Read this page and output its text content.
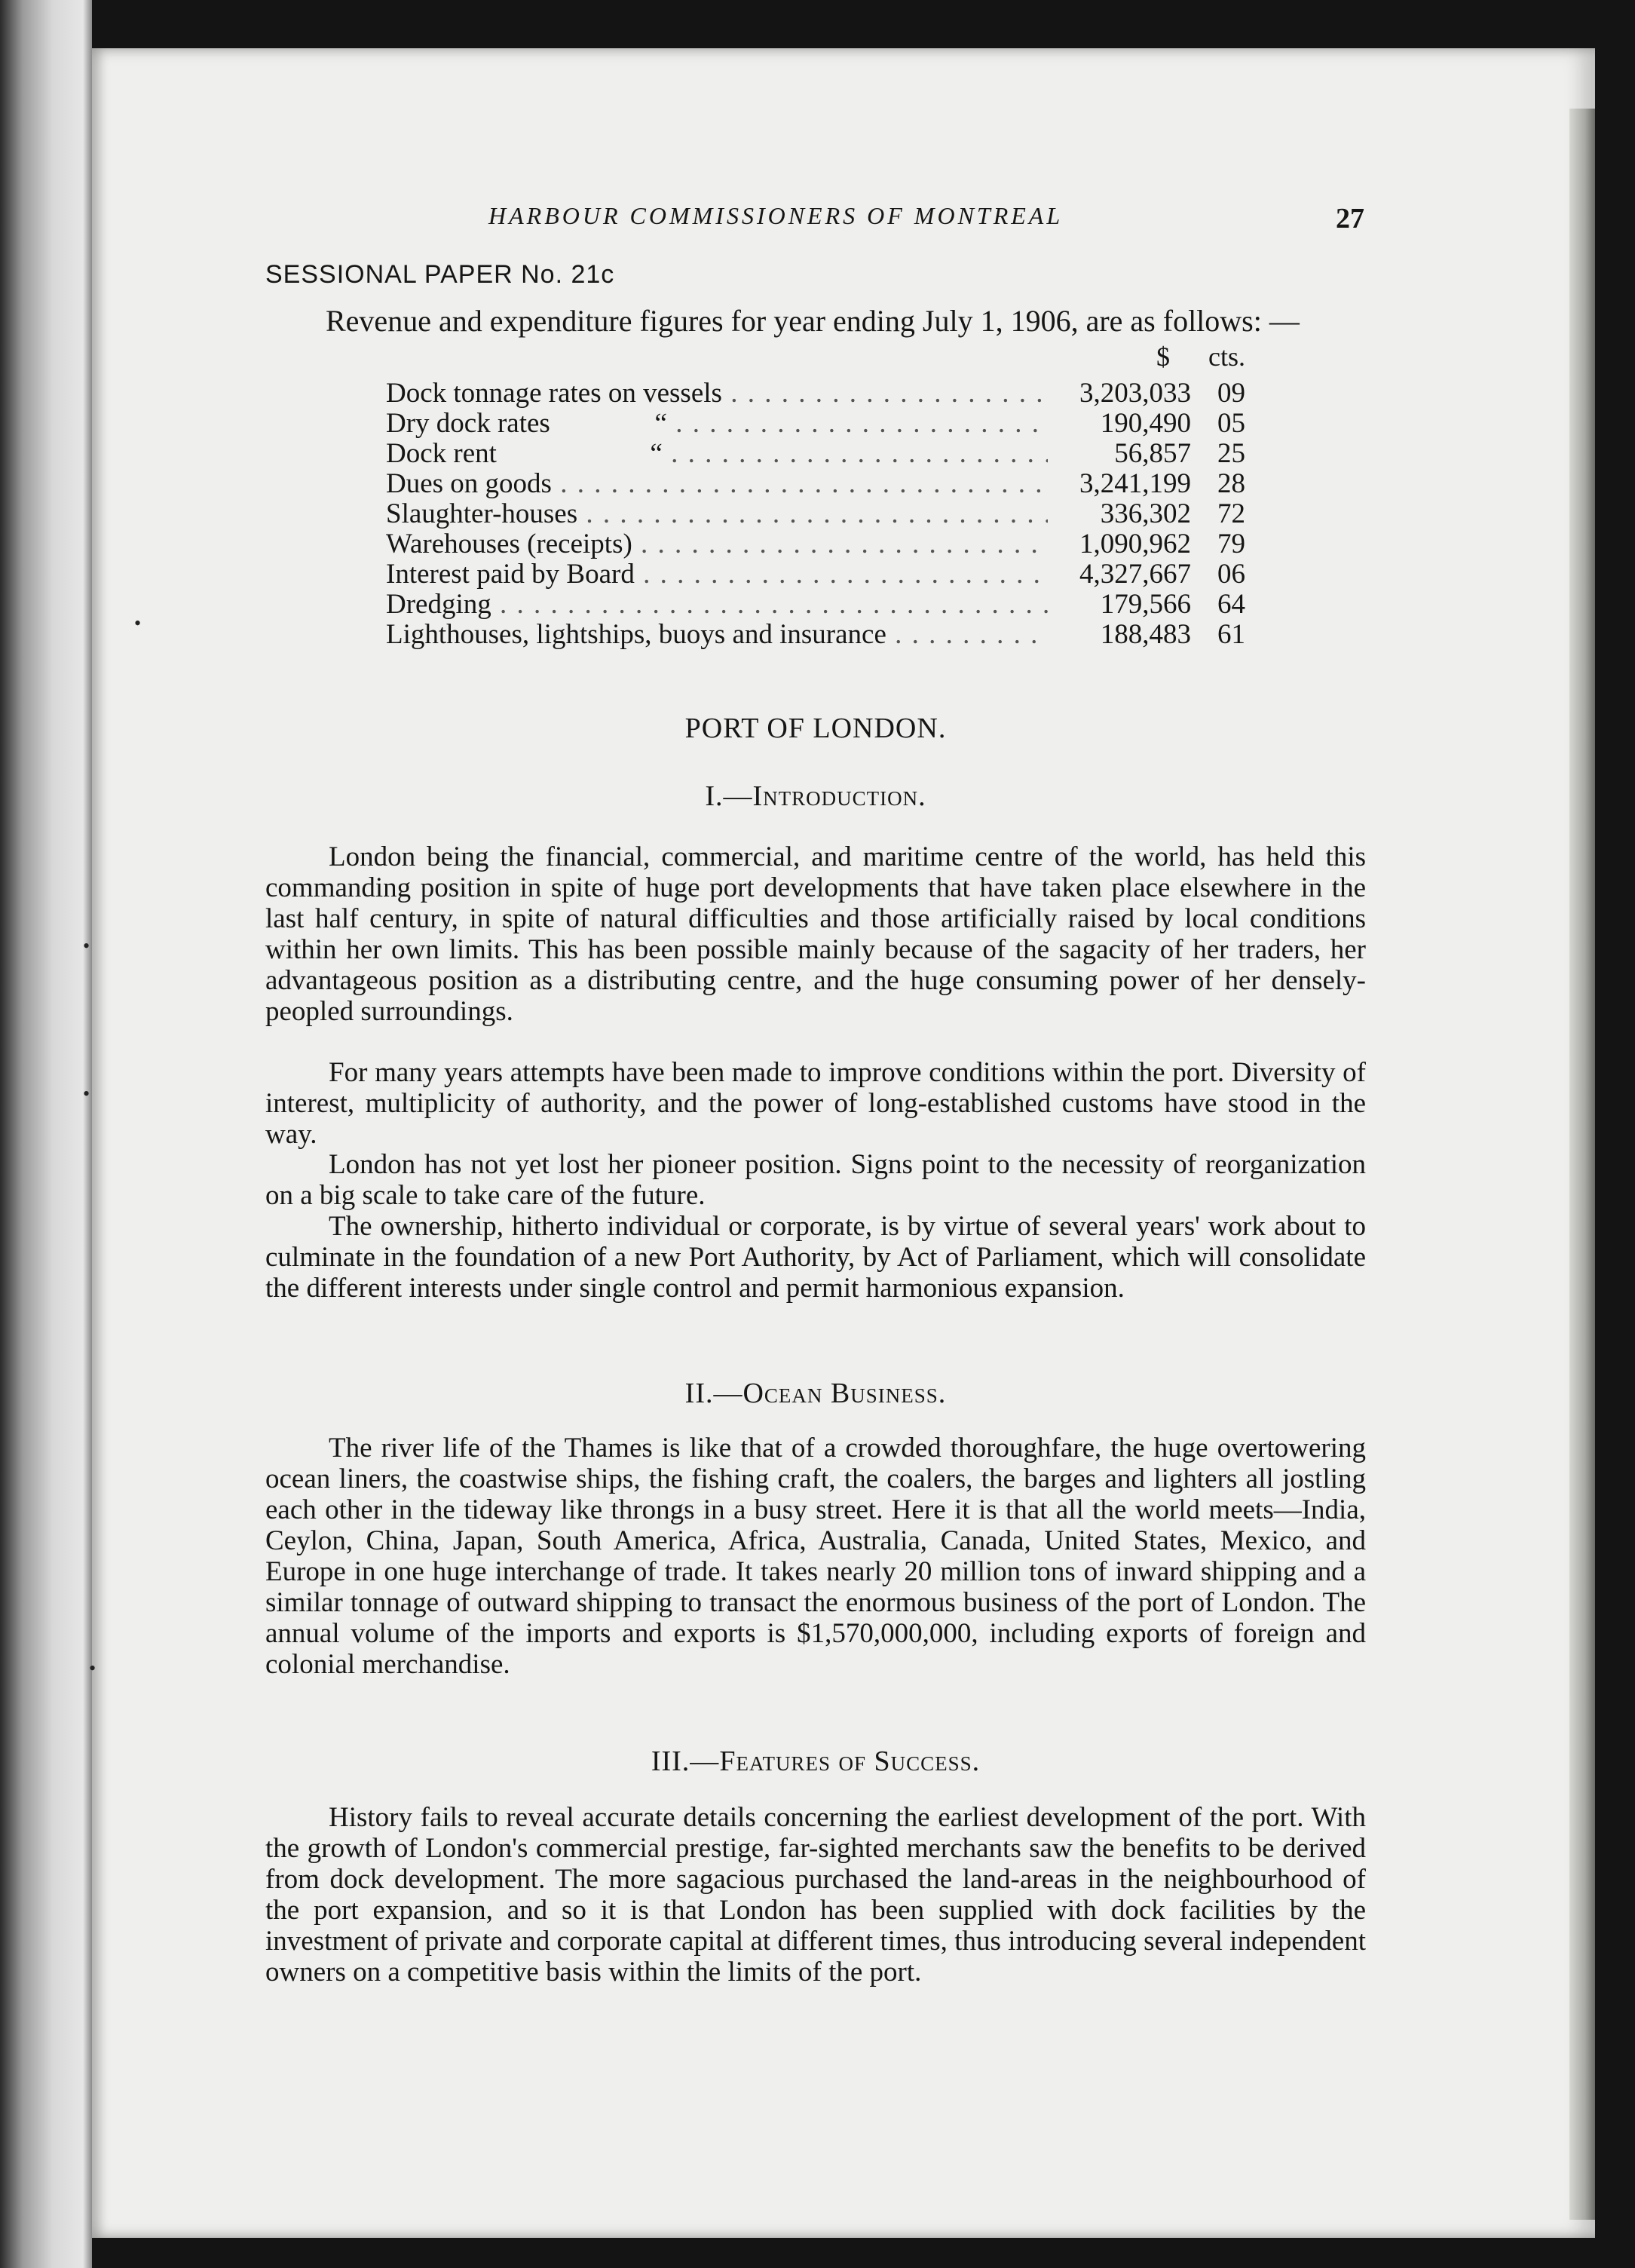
•
•
•
•
HARBOUR COMMISSIONERS OF MONTREAL	27
SESSIONAL PAPER No. 21c
Revenue and expenditure figures for year ending July 1, 1906, are as follows: —
$	cts.
Dock tonnage rates on vessels . . .	3,203,033 09
Dry dock rates               “ . . .	190,490 05
Dock rent                      “ . . .	56,857 25
Dues on goods . . .	3,241,199 28
Slaughter-houses . . .	336,302 72
Warehouses (receipts) . . .	1,090,962 79
Interest paid by Board . . .	4,327,667 06
Dredging . . .	179,566 64
Lighthouses, lightships, buoys and insurance . . .	188,483 61
PORT OF LONDON.
I.—Introduction.

London being the financial, commercial, and maritime centre of the world, has held this commanding position in spite of huge port developments that have taken place elsewhere in the last half century, in spite of natural difficulties and those artificially raised by local conditions within her own limits. This has been possible mainly because of the sagacity of her traders, her advantageous position as a distributing centre, and the huge consuming power of her densely-peopled surroundings.

For many years attempts have been made to improve conditions within the port. Diversity of interest, multiplicity of authority, and the power of long-established customs have stood in the way.

London has not yet lost her pioneer position. Signs point to the necessity of reorganization on a big scale to take care of the future.

The ownership, hitherto individual or corporate, is by virtue of several years' work about to culminate in the foundation of a new Port Authority, by Act of Parliament, which will consolidate the different interests under single control and permit harmonious expansion.

II.—Ocean Business.

The river life of the Thames is like that of a crowded thoroughfare, the huge overtowering ocean liners, the coastwise ships, the fishing craft, the coalers, the barges and lighters all jostling each other in the tideway like throngs in a busy street. Here it is that all the world meets—India, Ceylon, China, Japan, South America, Africa, Australia, Canada, United States, Mexico, and Europe in one huge interchange of trade. It takes nearly 20 million tons of inward shipping and a similar tonnage of outward shipping to transact the enormous business of the port of London. The annual volume of the imports and exports is $1,570,000,000, including exports of foreign and colonial merchandise.

III.—Features of Success.

History fails to reveal accurate details concerning the earliest development of the port. With the growth of London's commercial prestige, far-sighted merchants saw the benefits to be derived from dock development. The more sagacious purchased the land-areas in the neighbourhood of the port expansion, and so it is that London has been supplied with dock facilities by the investment of private and corporate capital at different times, thus introducing several independent owners on a competitive basis within the limits of the port.
